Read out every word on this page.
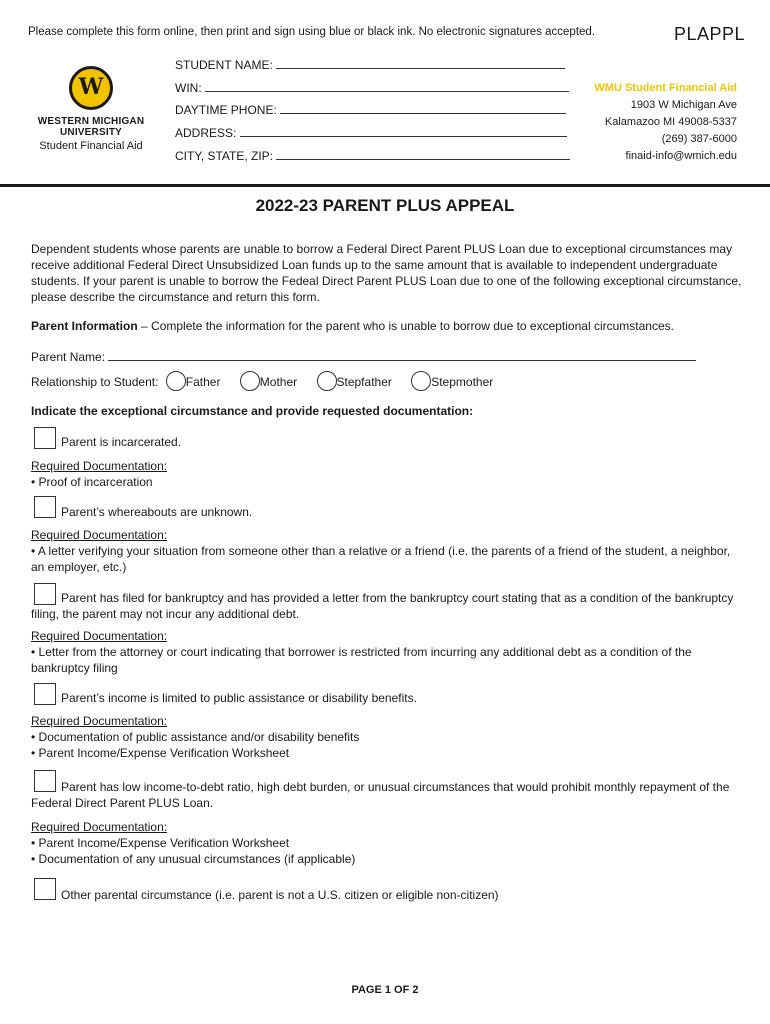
Please complete this form online, then print and sign using blue or black ink. No electronic signatures accepted.	PLAPPL
W
WESTERN MICHIGAN UNIVERSITY
Student Financial Aid
STUDENT NAME:
WIN:
DAYTIME PHONE:
ADDRESS:
CITY, STATE, ZIP:
WMU Student Financial Aid
1903 W Michigan Ave
Kalamazoo MI 49008-5337
(269) 387-6000
finaid-info@wmich.edu
2022-23 PARENT PLUS APPEAL
Dependent students whose parents are unable to borrow a Federal Direct Parent PLUS Loan due to exceptional circumstances may receive additional Federal Direct Unsubsidized Loan funds up to the same amount that is available to independent undergraduate students. If your parent is unable to borrow the Fedeal Direct Parent PLUS Loan due to one of the following exceptional circumstance, please describe the circumstance and return this form.
Parent Information – Complete the information for the parent who is unable to borrow due to exceptional circumstances.
Parent Name:
Relationship to Student: Father	Mother	Stepfather	Stepmother
Indicate the exceptional circumstance and provide requested documentation:
Parent is incarcerated.
Required Documentation:
• Proof of incarceration
Parent’s whereabouts are unknown.
Required Documentation:
• A letter verifying your situation from someone other than a relative or a friend (i.e. the parents of a friend of the student, a neighbor, an employer, etc.)
Parent has filed for bankruptcy and has provided a letter from the bankruptcy court stating that as a condition of the bankruptcy filing, the parent may not incur any additional debt.
Required Documentation:
• Letter from the attorney or court indicating that borrower is restricted from incurring any additional debt as a condition of the bankruptcy filing
Parent’s income is limited to public assistance or disability benefits.
Required Documentation:
• Documentation of public assistance and/or disability benefits
• Parent Income/Expense Verification Worksheet
Parent has low income-to-debt ratio, high debt burden, or unusual circumstances that would prohibit monthly repayment of the Federal Direct Parent PLUS Loan.
Required Documentation:
• Parent Income/Expense Verification Worksheet
• Documentation of any unusual circumstances (if applicable)
Other parental circumstance (i.e. parent is not a U.S. citizen or eligible non-citizen)
PAGE 1 OF 2
